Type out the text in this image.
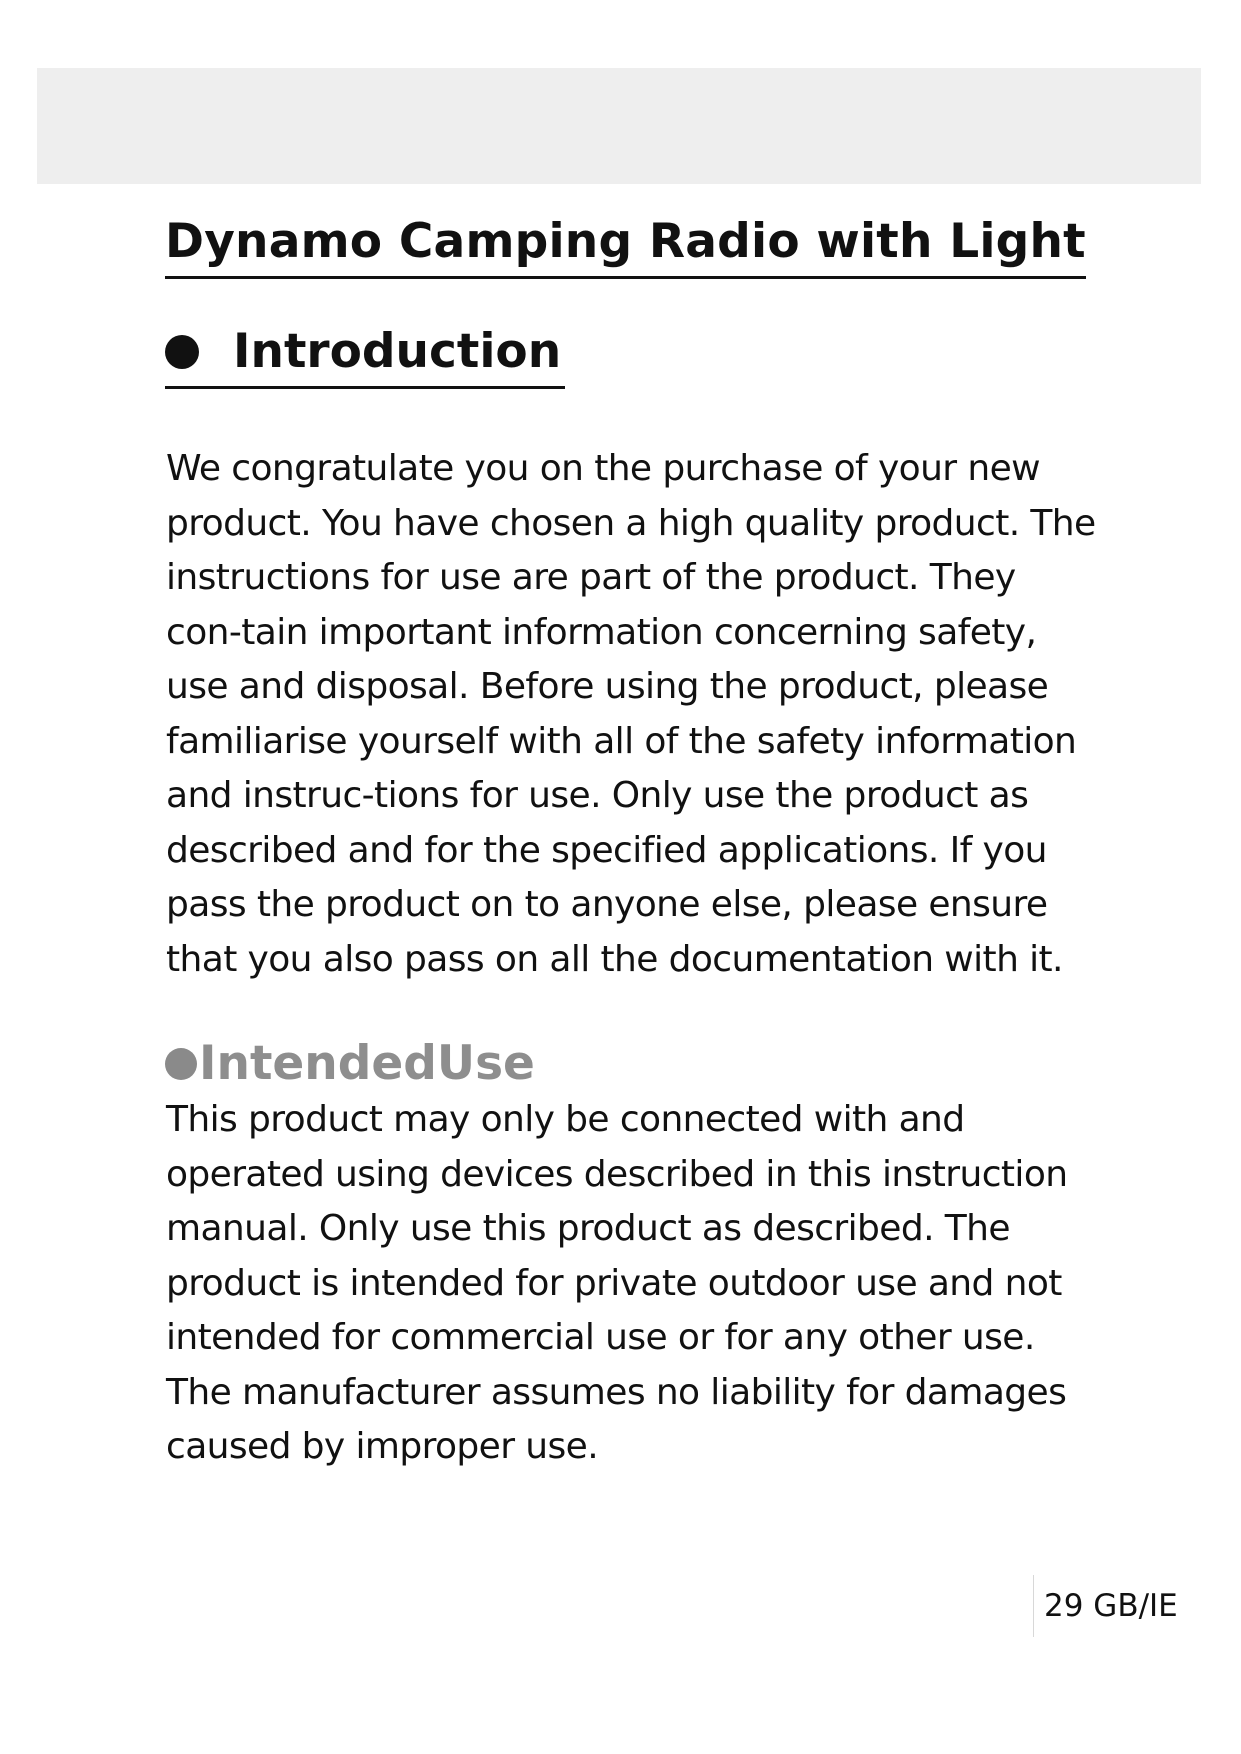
Dynamo Camping Radio with Light
Introduction

We congratulate you on the purchase of your new product. You have chosen a high quality product. The instructions for use are part of the product. They con-tain important information concerning safety, use and disposal. Before using the product, please familiarise yourself with all of the safety information and instruc-tions for use. Only use the product as described and for the specified applications. If you pass the product on to anyone else, please ensure that you also pass on all the documentation with it.

IntendedUse

This product may only be connected with and operated using devices described in this instruction manual. Only use this product as described. The product is intended for private outdoor use and not intended for commercial use or for any other use. The manufacturer assumes no liability for damages caused by improper use.

29 GB/IE
